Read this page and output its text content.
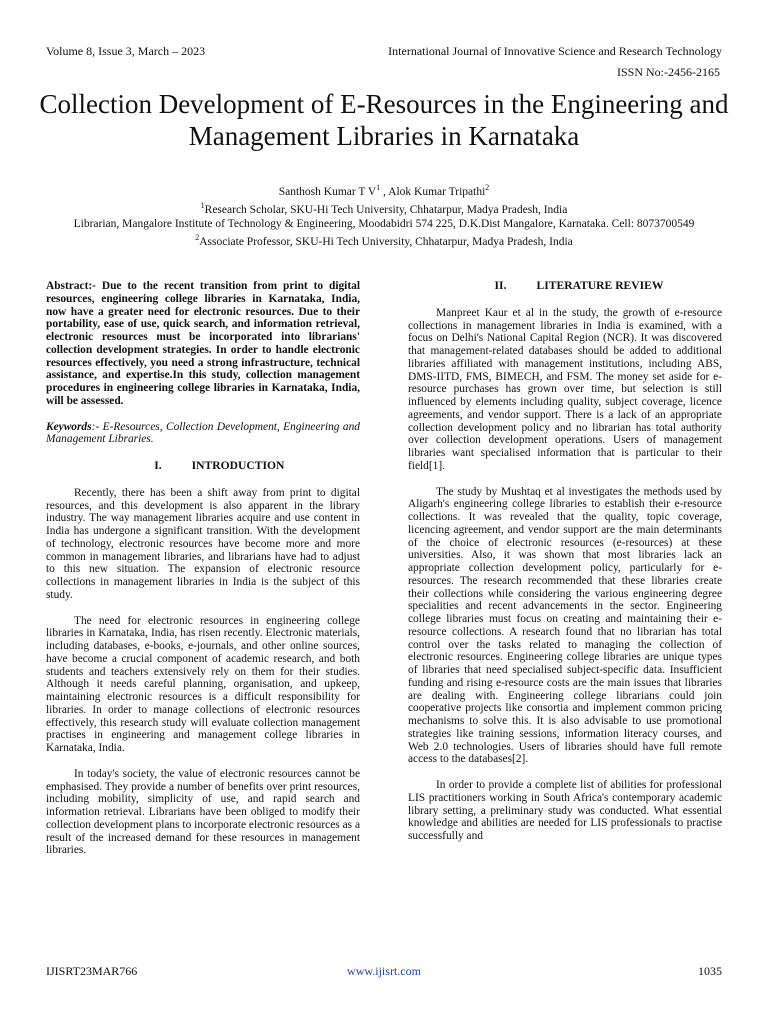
Volume 8, Issue 3, March – 2023	International Journal of Innovative Science and Research Technology
ISSN No:-2456-2165
Collection Development of E-Resources in the Engineering and Management Libraries in Karnataka
Santhosh Kumar T $V^1$ , Alok Kumar Tripathi$^2$
$^1$Research Scholar, SKU-Hi Tech University, Chhatarpur, Madya Pradesh, India
Librarian, Mangalore Institute of Technology & Engineering, Moodabidri 574 225, D.K.Dist Mangalore, Karnataka. Cell: 8073700549
$^2$Associate Professor, SKU-Hi Tech University, Chhatarpur, Madya Pradesh, India

Abstract:- Due to the recent transition from print to digital resources, engineering college libraries in Karnataka, India, now have a greater need for electronic resources. Due to their portability, ease of use, quick search, and information retrieval, electronic resources must be incorporated into librarians' collection development strategies. In order to handle electronic resources effectively, you need a strong infrastructure, technical assistance, and expertise.In this study, collection management procedures in engineering college libraries in Karnataka, India, will be assessed.

Keywords:- E-Resources, Collection Development, Engineering and Management Libraries.

I.	INTRODUCTION

Recently, there has been a shift away from print to digital resources, and this development is also apparent in the library industry. The way management libraries acquire and use content in India has undergone a significant transition. With the development of technology, electronic resources have become more and more common in management libraries, and librarians have had to adjust to this new situation. The expansion of electronic resource collections in management libraries in India is the subject of this study.

The need for electronic resources in engineering college libraries in Karnataka, India, has risen recently. Electronic materials, including databases, e-books, e-journals, and other online sources, have become a crucial component of academic research, and both students and teachers extensively rely on them for their studies. Although it needs careful planning, organisation, and upkeep, maintaining electronic resources is a difficult responsibility for libraries. In order to manage collections of electronic resources effectively, this research study will evaluate collection management practises in engineering and management college libraries in Karnataka, India.

In today's society, the value of electronic resources cannot be emphasised. They provide a number of benefits over print resources, including mobility, simplicity of use, and rapid search and information retrieval. Librarians have been obliged to modify their collection development plans to incorporate electronic resources as a result of the increased demand for these resources in management libraries.

II.	LITERATURE REVIEW

Manpreet Kaur et al in the study, the growth of e-resource collections in management libraries in India is examined, with a focus on Delhi's National Capital Region (NCR). It was discovered that management-related databases should be added to additional libraries affiliated with management institutions, including ABS, DMS-IITD, FMS, BIMECH, and FSM. The money set aside for e-resource purchases has grown over time, but selection is still influenced by elements including quality, subject coverage, licence agreements, and vendor support. There is a lack of an appropriate collection development policy and no librarian has total authority over collection development operations. Users of management libraries want specialised information that is particular to their field[1].

The study by Mushtaq et al investigates the methods used by Aligarh's engineering college libraries to establish their e-resource collections. It was revealed that the quality, topic coverage, licencing agreement, and vendor support are the main determinants of the choice of electronic resources (e-resources) at these universities. Also, it was shown that most libraries lack an appropriate collection development policy, particularly for e-resources. The research recommended that these libraries create their collections while considering the various engineering degree specialities and recent advancements in the sector. Engineering college libraries must focus on creating and maintaining their e-resource collections. A research found that no librarian has total control over the tasks related to managing the collection of electronic resources. Engineering college libraries are unique types of libraries that need specialised subject-specific data. Insufficient funding and rising e-resource costs are the main issues that libraries are dealing with. Engineering college librarians could join cooperative projects like consortia and implement common pricing mechanisms to solve this. It is also advisable to use promotional strategies like training sessions, information literacy courses, and Web 2.0 technologies. Users of libraries should have full remote access to the databases[2].

In order to provide a complete list of abilities for professional LIS practitioners working in South Africa's contemporary academic library setting, a preliminary study was conducted. What essential knowledge and abilities are needed for LIS professionals to practise successfully and

IJISRT23MAR766	www.ijisrt.com	1035
